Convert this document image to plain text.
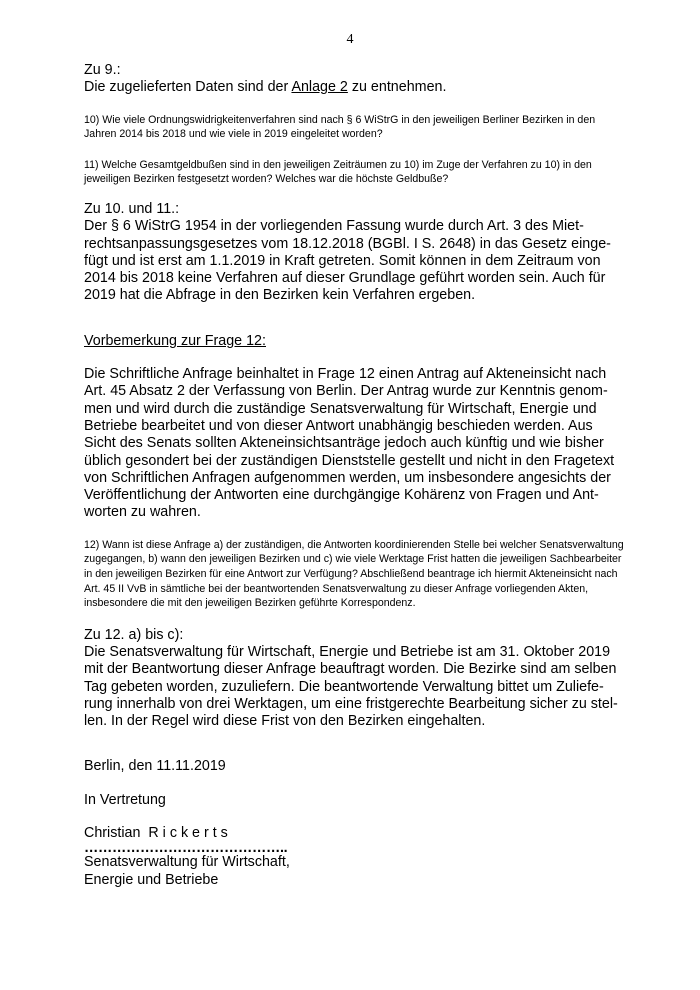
4

Zu 9.:

Die zugelieferten Daten sind der Anlage 2 zu entnehmen.

10) Wie viele Ordnungswidrigkeitenverfahren sind nach § 6 WiStrG in den jeweiligen Berliner Bezirken in den Jahren 2014 bis 2018 und wie viele in 2019 eingeleitet worden?

11) Welche Gesamtgeldbußen sind in den jeweiligen Zeiträumen zu 10) im Zuge der Verfahren zu 10) in den jeweiligen Bezirken festgesetzt worden? Welches war die höchste Geldbuße?

Zu 10. und 11.:

Der § 6 WiStrG 1954 in der vorliegenden Fassung wurde durch Art. 3 des Mietrechtsanpassungsgesetzes vom 18.12.2018 (BGBl. I S. 2648) in das Gesetz eingefügt und ist erst am 1.1.2019 in Kraft getreten. Somit können in dem Zeitraum von 2014 bis 2018 keine Verfahren auf dieser Grundlage geführt worden sein. Auch für 2019 hat die Abfrage in den Bezirken kein Verfahren ergeben.

Vorbemerkung zur Frage 12:

Die Schriftliche Anfrage beinhaltet in Frage 12 einen Antrag auf Akteneinsicht nach Art. 45 Absatz 2 der Verfassung von Berlin. Der Antrag wurde zur Kenntnis genommen und wird durch die zuständige Senatsverwaltung für Wirtschaft, Energie und Betriebe bearbeitet und von dieser Antwort unabhängig beschieden werden. Aus Sicht des Senats sollten Akteneinsichtsanträge jedoch auch künftig und wie bisher üblich gesondert bei der zuständigen Dienststelle gestellt und nicht in den Fragetext von Schriftlichen Anfragen aufgenommen werden, um insbesondere angesichts der Veröffentlichung der Antworten eine durchgängige Kohärenz von Fragen und Antworten zu wahren.

12) Wann ist diese Anfrage a) der zuständigen, die Antworten koordinierenden Stelle bei welcher Senatsverwaltung zugegangen, b) wann den jeweiligen Bezirken und c) wie viele Werktage Frist hatten die jeweiligen Sachbearbeiter in den jeweiligen Bezirken für eine Antwort zur Verfügung? Abschließend beantrage ich hiermit Akteneinsicht nach Art. 45 II VvB in sämtliche bei der beantwortenden Senatsverwaltung zu dieser Anfrage vorliegenden Akten, insbesondere die mit den jeweiligen Bezirken geführte Korrespondenz.

Zu 12. a) bis c):

Die Senatsverwaltung für Wirtschaft, Energie und Betriebe ist am 31. Oktober 2019 mit der Beantwortung dieser Anfrage beauftragt worden. Die Bezirke sind am selben Tag gebeten worden, zuzuliefern. Die beantwortende Verwaltung bittet um Zulieferung innerhalb von drei Werktagen, um eine fristgerechte Bearbeitung sicher zu stellen. In der Regel wird diese Frist von den Bezirken eingehalten.

Berlin, den 11.11.2019

In Vertretung

Christian R i c k e r t s

……………………………………..

Senatsverwaltung für Wirtschaft,

Energie und Betriebe
